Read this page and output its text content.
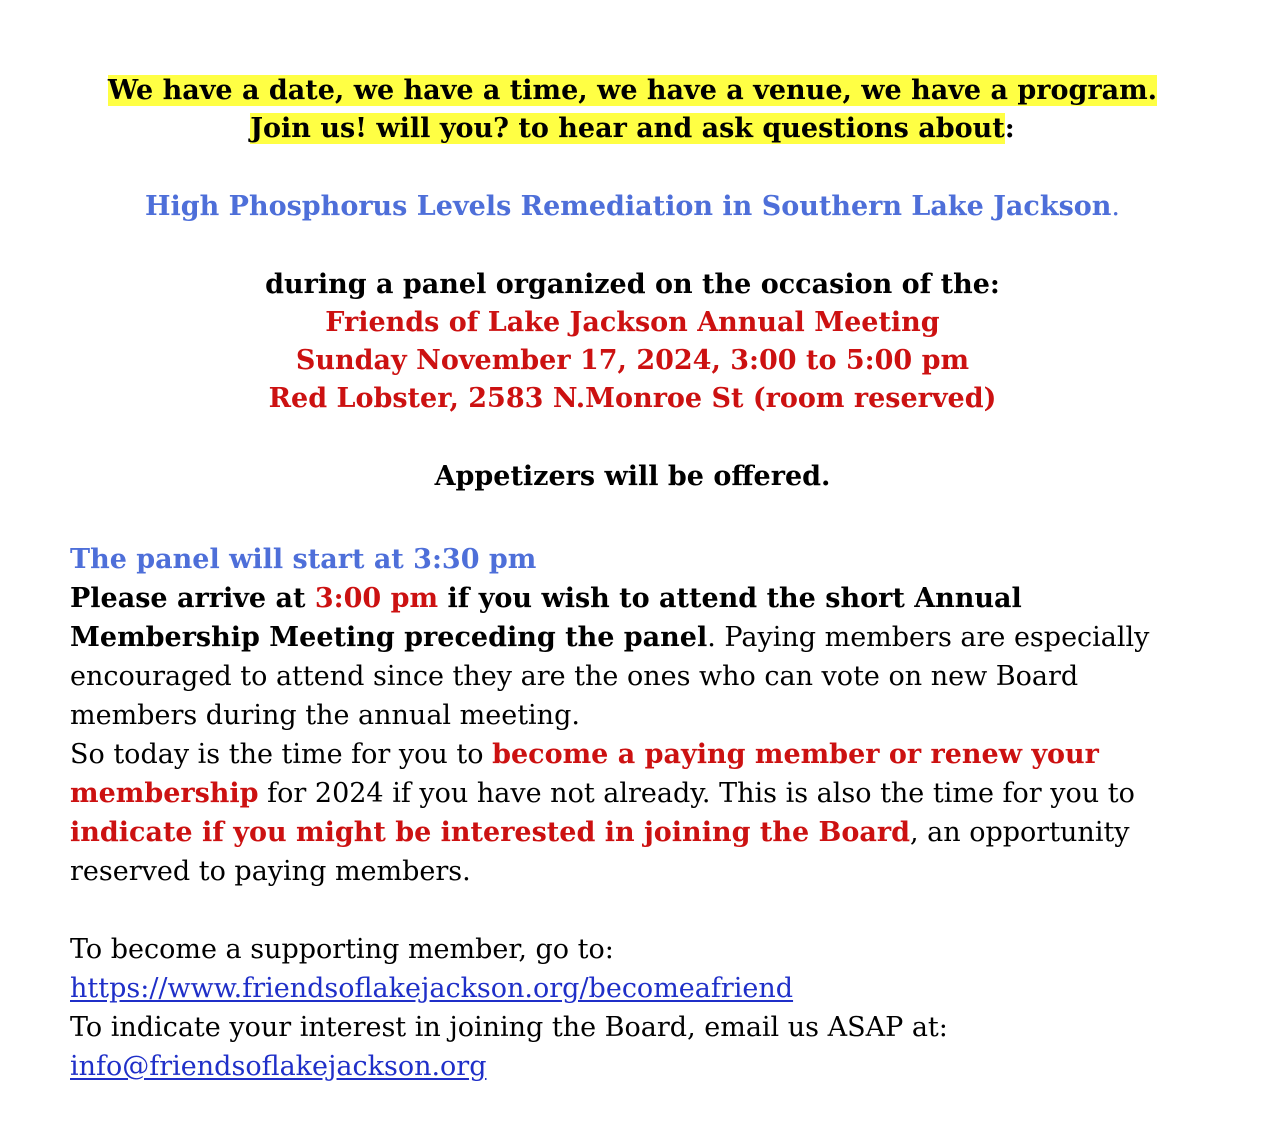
We have a date, we have a time, we have a venue, we have a program.
Join us! will you? to hear and ask questions about:
High Phosphorus Levels Remediation in Southern Lake Jackson.
during a panel organized on the occasion of the:
Friends of Lake Jackson Annual Meeting
Sunday November 17, 2024, 3:00 to 5:00 pm
Red Lobster, 2583 N.Monroe St (room reserved)
Appetizers will be offered.
The panel will start at 3:30 pm
Please arrive at 3:00 pm if you wish to attend the short Annual Membership Meeting preceding the panel. Paying members are especially encouraged to attend since they are the ones who can vote on new Board members during the annual meeting.
So today is the time for you to become a paying member or renew your membership for 2024 if you have not already. This is also the time for you to indicate if you might be interested in joining the Board, an opportunity reserved to paying members.
To become a supporting member, go to:
https://www.friendsoflakejackson.org/becomeafriend
To indicate your interest in joining the Board, email us ASAP at:
info@friendsoflakejackson.org
